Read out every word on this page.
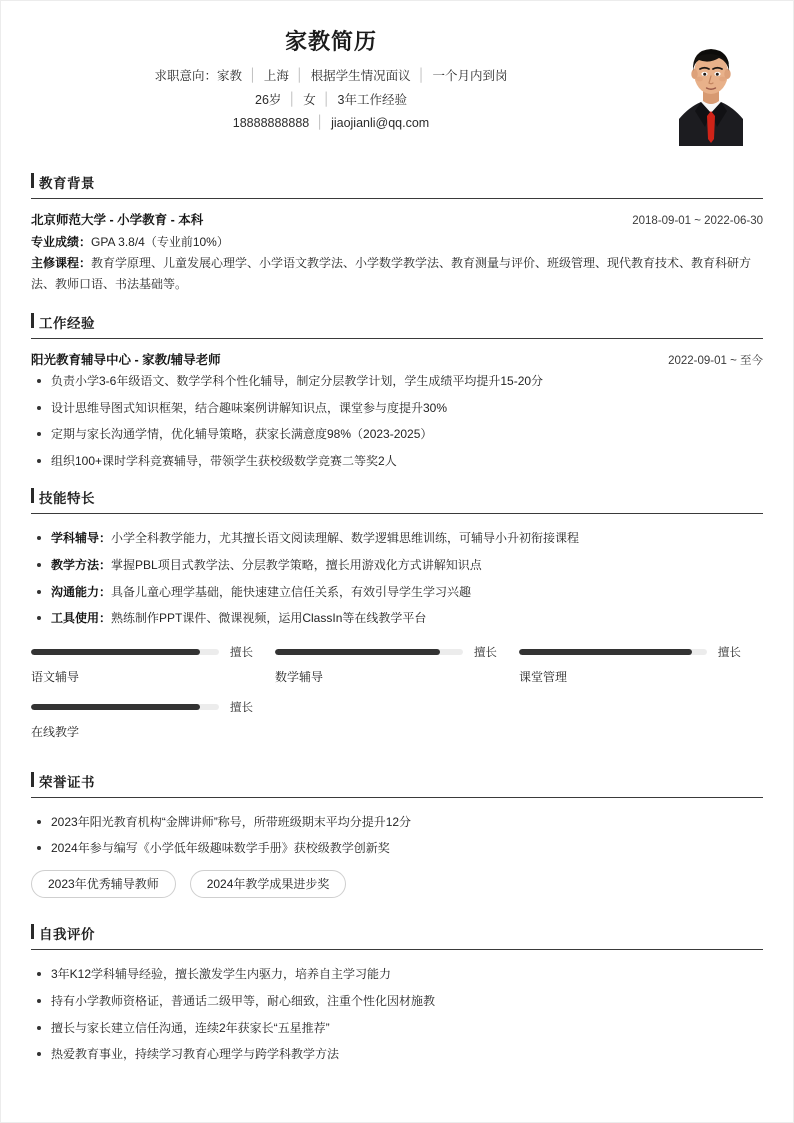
家教简历
求职意向：家教 │ 上海 │ 根据学生情况面议 │ 一个月内到岗
26岁 │ 女 │ 3年工作经验
18888888888 │ jiaojianli@qq.com
教育背景
北京师范大学 - 小学教育 - 本科	2018-09-01 ~ 2022-06-30

专业成绩：GPA 3.8/4（专业前10%）

主修课程：教育学原理、儿童发展心理学、小学语文教学法、小学数学教学法、教育测量与评价、班级管理、现代教育技术、教育科研方法、教师口语、书法基础等。

工作经验
阳光教育辅导中心 - 家教/辅导老师	2022-09-01 ~ 至今
负责小学3-6年级语文、数学学科个性化辅导，制定分层教学计划，学生成绩平均提升15-20分
设计思维导图式知识框架，结合趣味案例讲解知识点，课堂参与度提升30%
定期与家长沟通学情，优化辅导策略，获家长满意度98%（2023-2025）
组织100+课时学科竞赛辅导，带领学生获校级数学竞赛二等奖2人
技能特长
学科辅导：小学全科教学能力，尤其擅长语文阅读理解、数学逻辑思维训练，可辅导小升初衔接课程
教学方法：掌握PBL项目式教学法、分层教学策略，擅长用游戏化方式讲解知识点
沟通能力：具备儿童心理学基础，能快速建立信任关系，有效引导学生学习兴趣
工具使用：熟练制作PPT课件、微课视频，运用ClassIn等在线教学平台
擅长
语文辅导
擅长
数学辅导
擅长
课堂管理
擅长
在线教学
荣誉证书
2023年阳光教育机构“金牌讲师”称号，所带班级期末平均分提升12分
2024年参与编写《小学低年级趣味数学手册》获校级教学创新奖
2023年优秀辅导教师	2024年教学成果进步奖
自我评价
3年K12学科辅导经验，擅长激发学生内驱力，培养自主学习能力
持有小学教师资格证，普通话二级甲等，耐心细致，注重个性化因材施教
擅长与家长建立信任沟通，连续2年获家长“五星推荐”
热爱教育事业，持续学习教育心理学与跨学科教学方法
